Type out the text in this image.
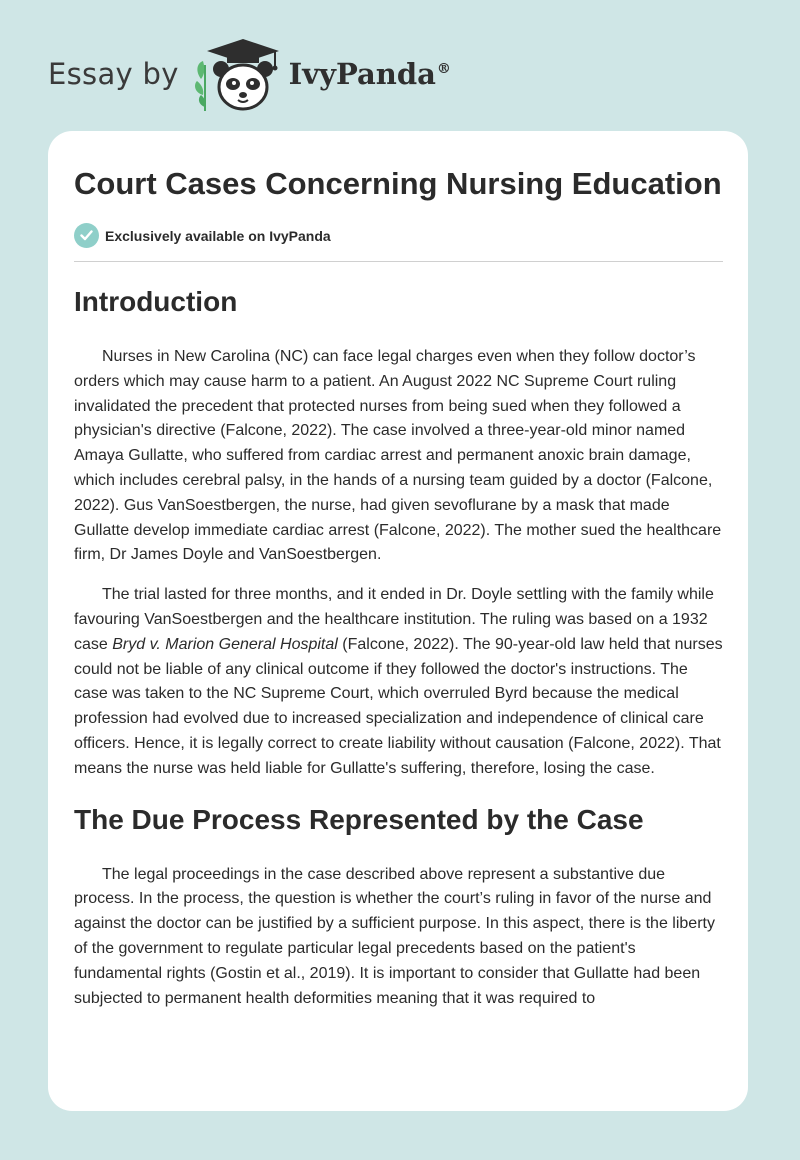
Essay by	IvyPanda®
Court Cases Concerning Nursing Education
Exclusively available on IvyPanda
Introduction

Nurses in New Carolina (NC) can face legal charges even when they follow doctor’s orders which may cause harm to a patient. An August 2022 NC Supreme Court ruling invalidated the precedent that protected nurses from being sued when they followed a physician's directive (Falcone, 2022). The case involved a three-year-old minor named Amaya Gullatte, who suffered from cardiac arrest and permanent anoxic brain damage, which includes cerebral palsy, in the hands of a nursing team guided by a doctor (Falcone, 2022). Gus VanSoestbergen, the nurse, had given sevoflurane by a mask that made Gullatte develop immediate cardiac arrest (Falcone, 2022). The mother sued the healthcare firm, Dr James Doyle and VanSoestbergen.

The trial lasted for three months, and it ended in Dr. Doyle settling with the family while favouring VanSoestbergen and the healthcare institution. The ruling was based on a 1932 case Bryd v. Marion General Hospital (Falcone, 2022). The 90-year-old law held that nurses could not be liable of any clinical outcome if they followed the doctor's instructions. The case was taken to the NC Supreme Court, which overruled Byrd because the medical profession had evolved due to increased specialization and independence of clinical care officers. Hence, it is legally correct to create liability without causation (Falcone, 2022). That means the nurse was held liable for Gullatte's suffering, therefore, losing the case.

The Due Process Represented by the Case

The legal proceedings in the case described above represent a substantive due process. In the process, the question is whether the court’s ruling in favor of the nurse and against the doctor can be justified by a sufficient purpose. In this aspect, there is the liberty of the government to regulate particular legal precedents based on the patient's fundamental rights (Gostin et al., 2019). It is important to consider that Gullatte had been subjected to permanent health deformities meaning that it was required to
